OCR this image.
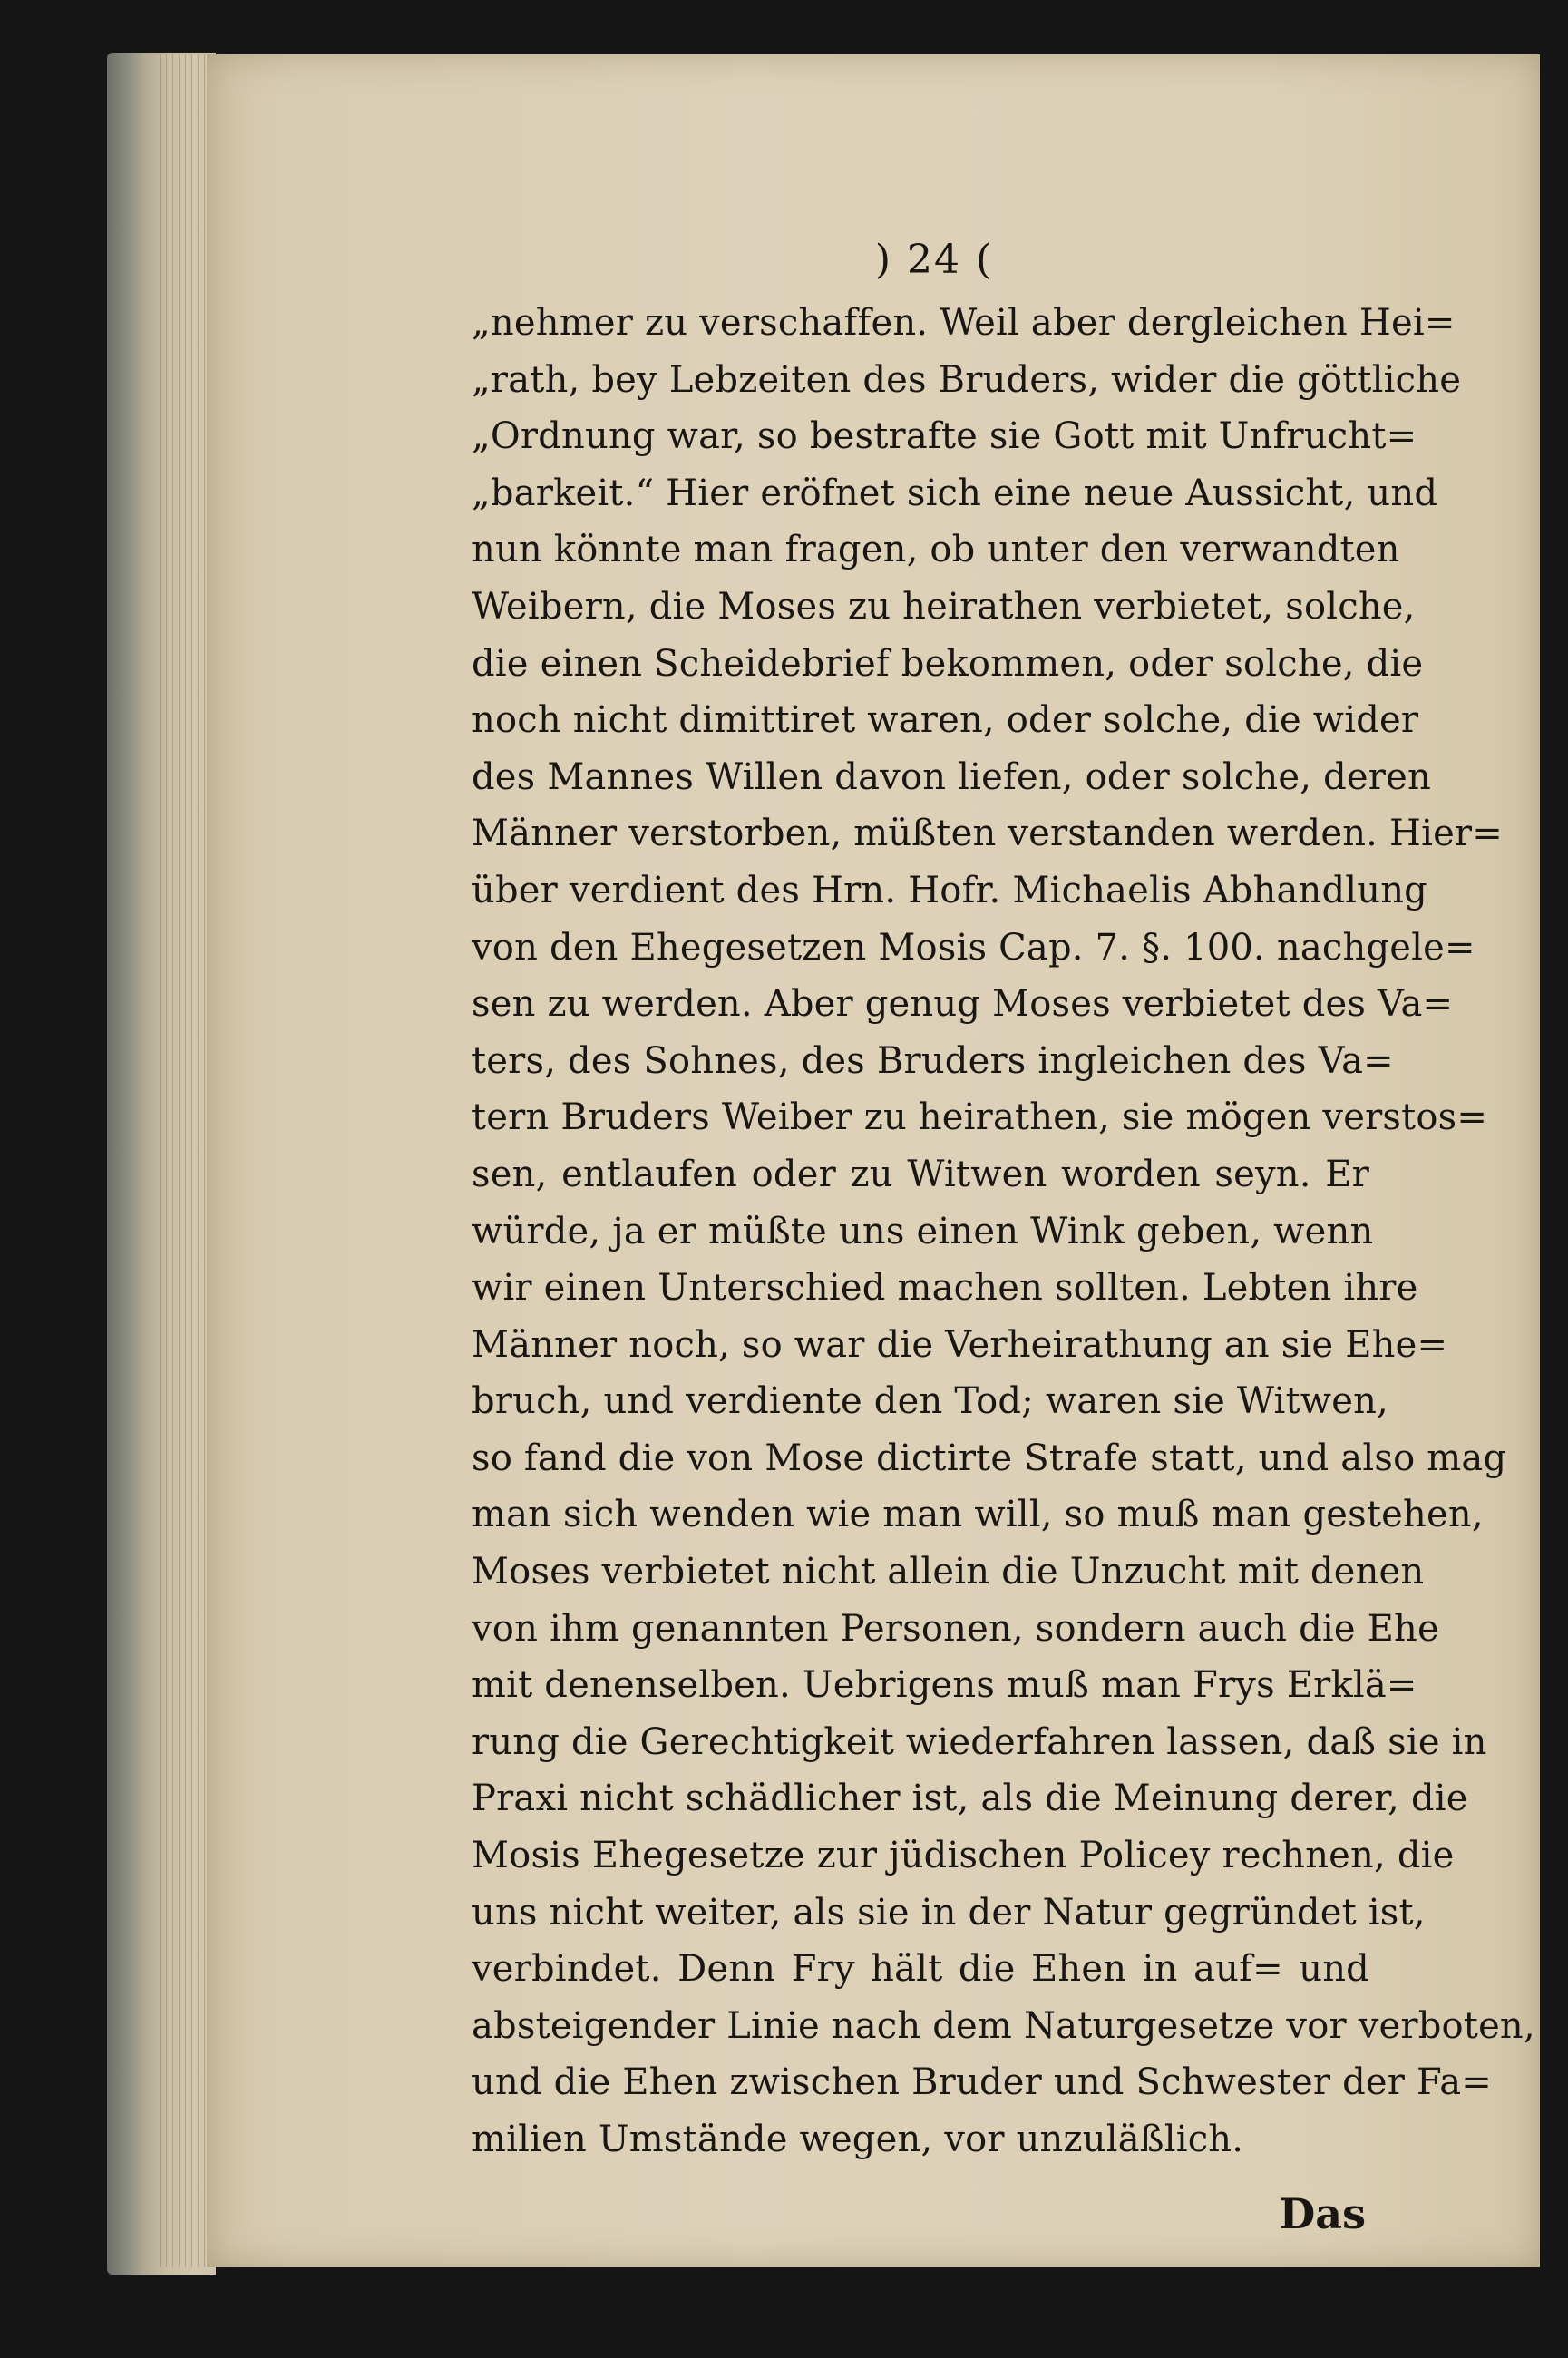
) 24 (
„nehmer zu verschaffen. Weil aber dergleichen Hei=
„rath, bey Lebzeiten des Bruders, wider die göttliche
„Ordnung war, so bestrafte sie Gott mit Unfrucht=
„barkeit.“ Hier eröfnet sich eine neue Aussicht, und
nun könnte man fragen, ob unter den verwandten
Weibern, die Moses zu heirathen verbietet, solche,
die einen Scheidebrief bekommen, oder solche, die
noch nicht dimittiret waren, oder solche, die wider
des Mannes Willen davon liefen, oder solche, deren
Männer verstorben, müßten verstanden werden. Hier=
über verdient des Hrn. Hofr. Michaelis Abhandlung
von den Ehegesetzen Mosis Cap. 7. §. 100. nachgele=
sen zu werden. Aber genug Moses verbietet des Va=
ters, des Sohnes, des Bruders ingleichen des Va=
tern Bruders Weiber zu heirathen, sie mögen verstos=
sen, entlaufen oder zu Witwen worden seyn. Er
würde, ja er müßte uns einen Wink geben, wenn
wir einen Unterschied machen sollten. Lebten ihre
Männer noch, so war die Verheirathung an sie Ehe=
bruch, und verdiente den Tod; waren sie Witwen,
so fand die von Mose dictirte Strafe statt, und also mag
man sich wenden wie man will, so muß man gestehen,
Moses verbietet nicht allein die Unzucht mit denen
von ihm genannten Personen, sondern auch die Ehe
mit denenselben. Uebrigens muß man Frys Erklä=
rung die Gerechtigkeit wiederfahren lassen, daß sie in
Praxi nicht schädlicher ist, als die Meinung derer, die
Mosis Ehegesetze zur jüdischen Policey rechnen, die
uns nicht weiter, als sie in der Natur gegründet ist,
verbindet. Denn Fry hält die Ehen in auf= und
absteigender Linie nach dem Naturgesetze vor verboten,
und die Ehen zwischen Bruder und Schwester der Fa=
milien Umstände wegen, vor unzuläßlich.
Das
